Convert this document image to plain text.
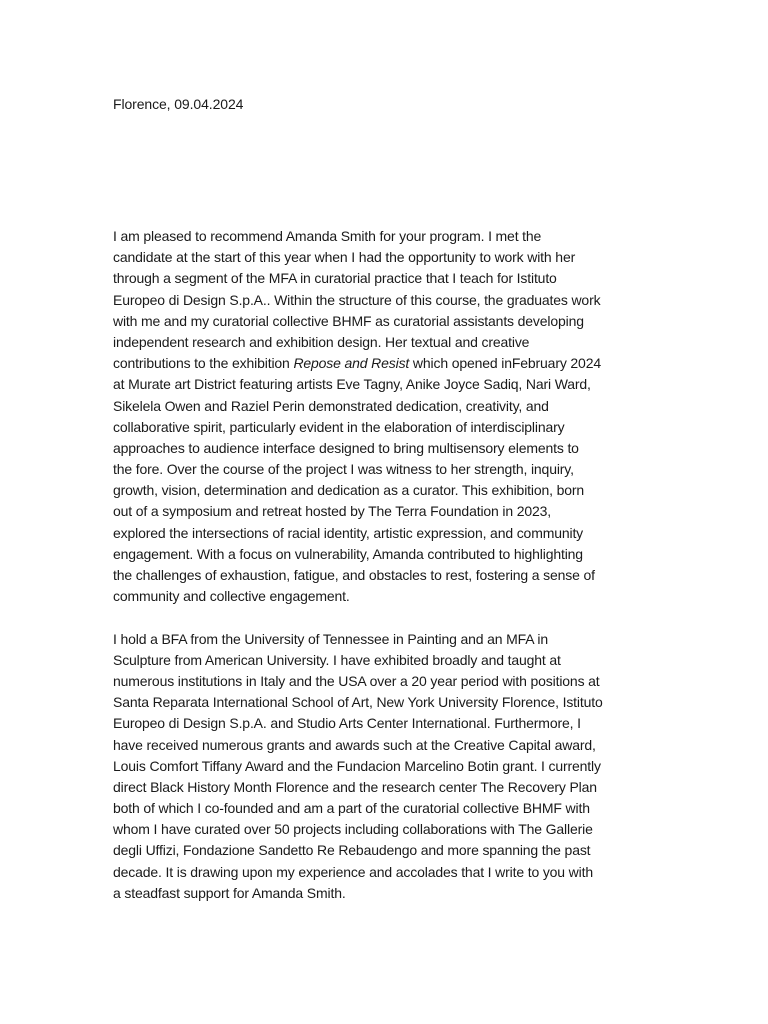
Florence, 09.04.2024
I am pleased to recommend Amanda Smith for your program. I met the
candidate at the start of this year when I had the opportunity to work with her
through a segment of the MFA in curatorial practice that I teach for Istituto
Europeo di Design S.p.A.. Within the structure of this course, the graduates work
with me and my curatorial collective BHMF as curatorial assistants developing
independent research and exhibition design. Her textual and creative
contributions to the exhibition Repose and Resist which opened inFebruary 2024
at Murate art District featuring artists Eve Tagny, Anike Joyce Sadiq, Nari Ward,
Sikelela Owen and Raziel Perin demonstrated dedication, creativity, and
collaborative spirit, particularly evident in the elaboration of interdisciplinary
approaches to audience interface designed to bring multisensory elements to
the fore. Over the course of the project I was witness to her strength, inquiry,
growth, vision, determination and dedication as a curator. This exhibition, born
out of a symposium and retreat hosted by The Terra Foundation in 2023,
explored the intersections of racial identity, artistic expression, and community
engagement. With a focus on vulnerability, Amanda contributed to highlighting
the challenges of exhaustion, fatigue, and obstacles to rest, fostering a sense of
community and collective engagement.
I hold a BFA from the University of Tennessee in Painting and an MFA in
Sculpture from American University. I have exhibited broadly and taught at
numerous institutions in Italy and the USA over a 20 year period with positions at
Santa Reparata International School of Art, New York University Florence, Istituto
Europeo di Design S.p.A. and Studio Arts Center International. Furthermore, I
have received numerous grants and awards such at the Creative Capital award,
Louis Comfort Tiffany Award and the Fundacion Marcelino Botin grant. I currently
direct Black History Month Florence and the research center The Recovery Plan
both of which I co-founded and am a part of the curatorial collective BHMF with
whom I have curated over 50 projects including collaborations with The Gallerie
degli Uffizi, Fondazione Sandetto Re Rebaudengo and more spanning the past
decade. It is drawing upon my experience and accolades that I write to you with
a steadfast support for Amanda Smith.
